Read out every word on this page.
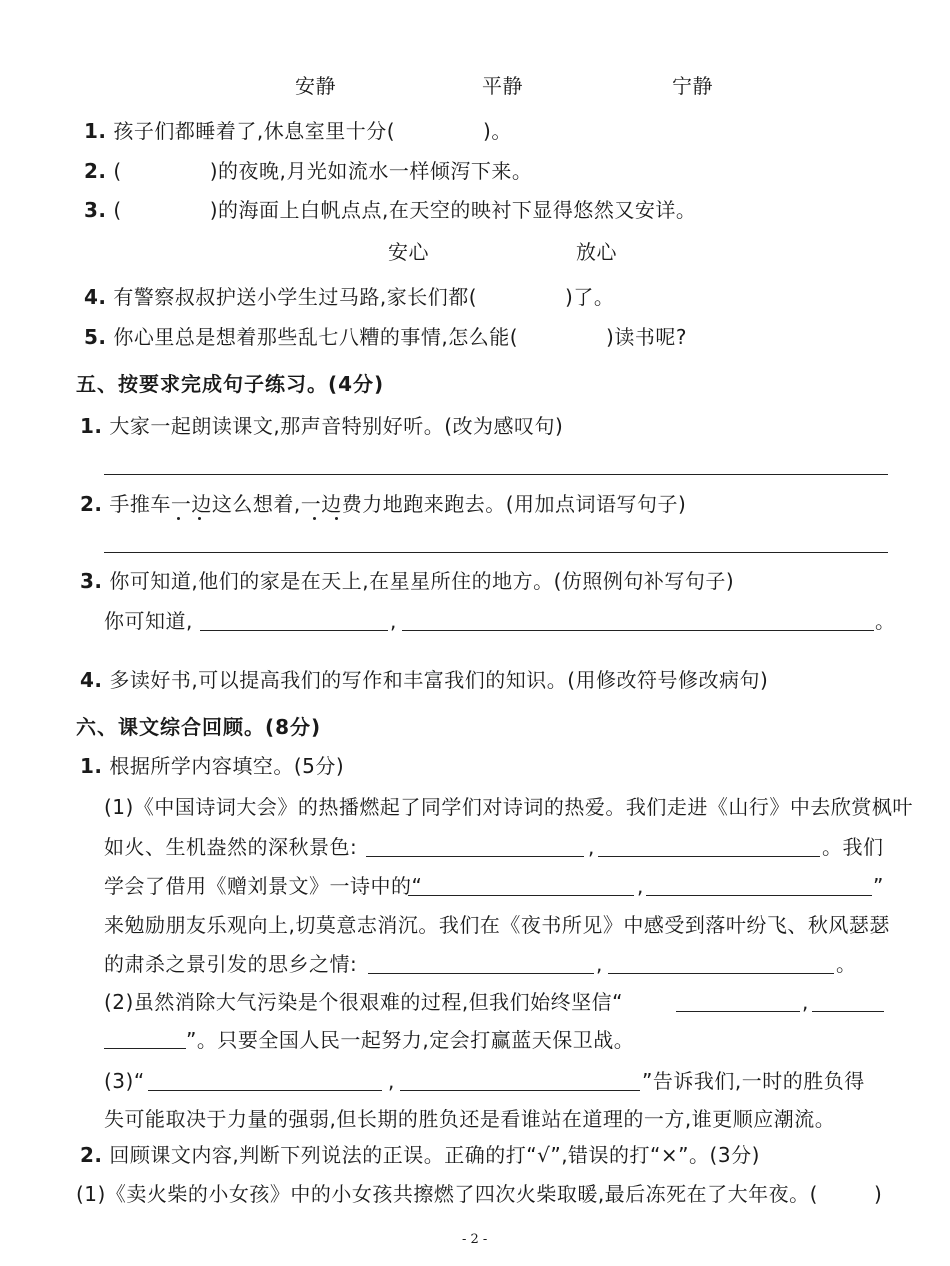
安静	平静	宁静
1. 孩子们都睡着了,休息室里十分(	)。
2. (	)的夜晚,月光如流水一样倾泻下来。
3. (	)的海面上白帆点点,在天空的映衬下显得悠然又安详。
安心	放心
4. 有警察叔叔护送小学生过马路,家长们都(	)了。
5. 你心里总是想着那些乱七八糟的事情,怎么能(	)读书呢?
五、按要求完成句子练习。(4分)
1. 大家一起朗读课文,那声音特别好听。(改为感叹句)
2. 手推车一边这么想着,一边费力地跑来跑去。(用加点词语写句子)
3. 你可知道,他们的家是在天上,在星星所住的地方。(仿照例句补写句子)
你可知道,	,	。
4. 多读好书,可以提高我们的写作和丰富我们的知识。(用修改符号修改病句)
六、课文综合回顾。(8分)
1. 根据所学内容填空。(5分)
(1)《中国诗词大会》的热播燃起了同学们对诗词的热爱。我们走进《山行》中去欣赏枫叶
如火、生机盎然的深秋景色:	,	。我们
学会了借用《赠刘景文》一诗中的“	,	”
来勉励朋友乐观向上,切莫意志消沉。我们在《夜书所见》中感受到落叶纷飞、秋风瑟瑟
的肃杀之景引发的思乡之情:	,	。
(2)虽然消除大气污染是个很艰难的过程,但我们始终坚信“	,
”。只要全国人民一起努力,定会打赢蓝天保卫战。
(3)“	,	”告诉我们,一时的胜负得
失可能取决于力量的强弱,但长期的胜负还是看谁站在道理的一方,谁更顺应潮流。
2. 回顾课文内容,判断下列说法的正误。正确的打“√”,错误的打“×”。(3分)
(1)《卖火柴的小女孩》中的小女孩共擦燃了四次火柴取暖,最后冻死在了大年夜。(	)
- 2 -
